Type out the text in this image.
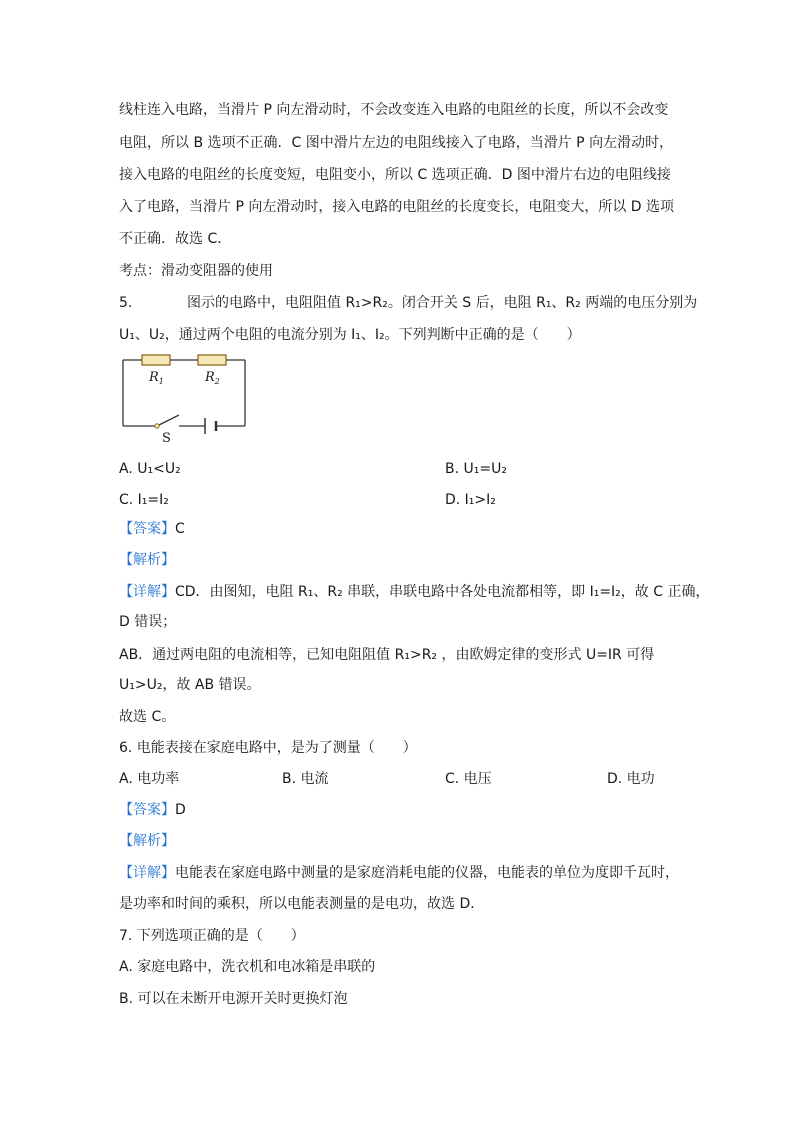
线柱连入电路，当滑片 P 向左滑动时，不会改变连入电路的电阻丝的长度，所以不会改变
电阻，所以 B 选项不正确．C 图中滑片左边的电阻线接入了电路，当滑片 P 向左滑动时，
接入电路的电阻丝的长度变短，电阻变小，所以 C 选项正确．D 图中滑片右边的电阻线接
入了电路，当滑片 P 向左滑动时，接入电路的电阻丝的长度变长，电阻变大，所以 D 选项
不正确．故选 C．
考点：滑动变阻器的使用
5.	图示的电路中，电阻阻值 R₁>R₂。闭合开关 S 后，电阻 R₁、R₂ 两端的电压分别为
U₁、U₂，通过两个电阻的电流分别为 I₁、I₂。下列判断中正确的是（　　）
$R_1$	$R_2$
S
A. U₁<U₂	B. U₁=U₂
C. I₁=I₂	D. I₁>I₂
【答案】C
【解析】
【详解】CD．由图知，电阻 R₁、R₂ 串联，串联电路中各处电流都相等，即 I₁=I₂，故 C 正确，
D 错误；
AB．通过两电阻的电流相等，已知电阻阻值 R₁>R₂ ，由欧姆定律的变形式 U=IR 可得
U₁>U₂，故 AB 错误。
故选 C。
6. 电能表接在家庭电路中，是为了测量（　　）
A. 电功率	B. 电流	C. 电压	D. 电功
【答案】D
【解析】
【详解】电能表在家庭电路中测量的是家庭消耗电能的仪器，电能表的单位为度即千瓦时，
是功率和时间的乘积，所以电能表测量的是电功，故选 D．
7. 下列选项正确的是（　　）
A. 家庭电路中，洗衣机和电冰箱是串联的
B. 可以在未断开电源开关时更换灯泡
